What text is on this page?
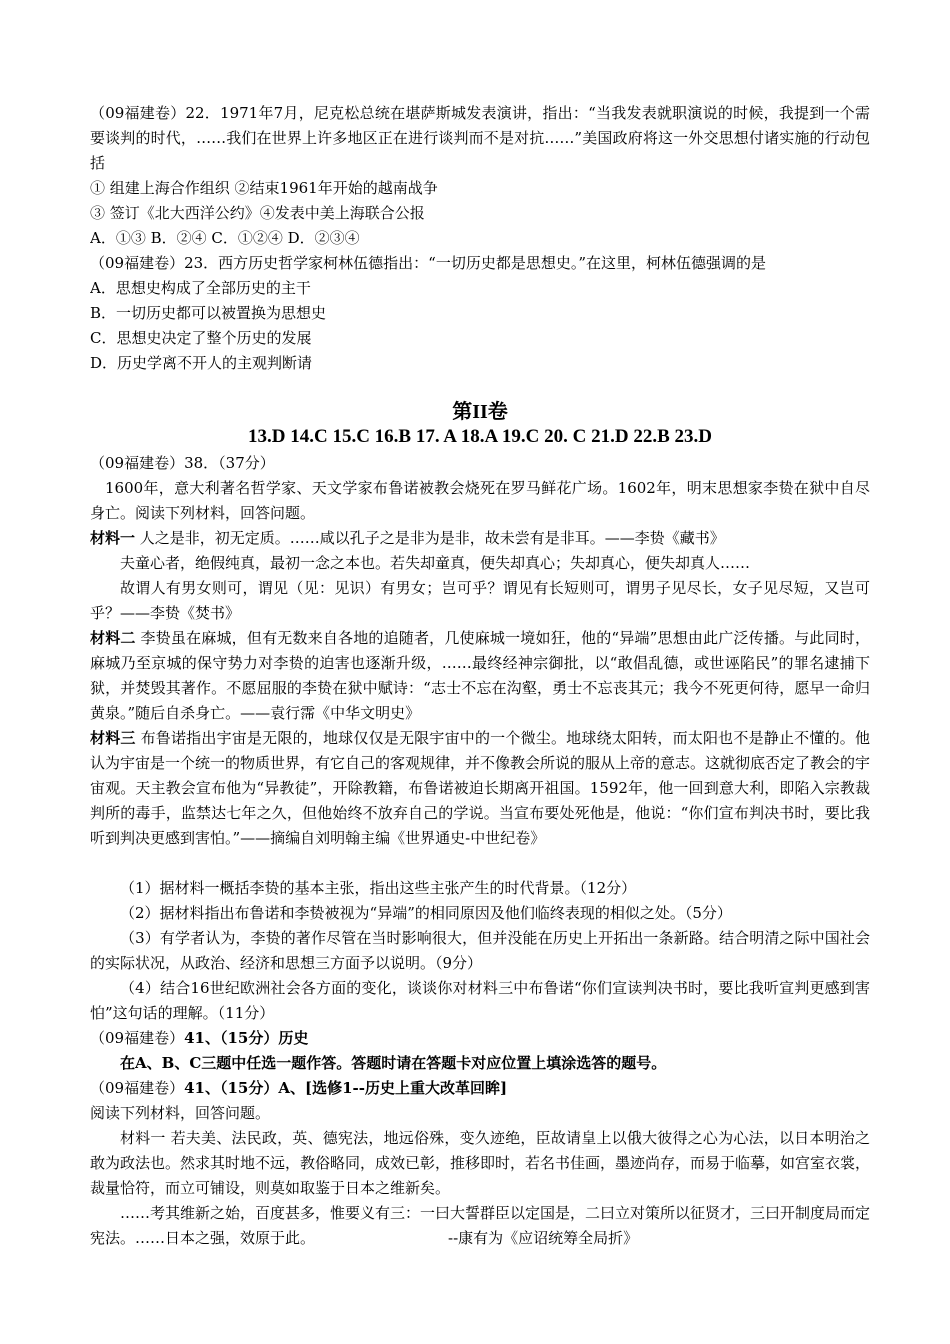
（09福建卷）22．1971年7月，尼克松总统在堪萨斯城发表演讲，指出：“当我发表就职演说的时候，我提到一个需要谈判的时代，……我们在世界上许多地区正在进行谈判而不是对抗……”美国政府将这一外交思想付诸实施的行动包括
① 组建上海合作组织 ②结束1961年开始的越南战争
③ 签订《北大西洋公约》④发表中美上海联合公报
A．①③ B．②④ C．①②④ D．②③④
（09福建卷）23．西方历史哲学家柯林伍德指出：“一切历史都是思想史。”在这里，柯林伍德强调的是
A．思想史构成了全部历史的主干
B．一切历史都可以被置换为思想史
C．思想史决定了整个历史的发展
D．历史学离不开人的主观判断请
第II卷
13.D 14.C 15.C 16.B 17. A 18.A 19.C 20. C 21.D 22.B 23.D
（09福建卷）38．（37分）
1600年，意大利著名哲学家、天文学家布鲁诺被教会烧死在罗马鲜花广场。1602年，明末思想家李贽在狱中自尽身亡。阅读下列材料，回答问题。
材料一 人之是非，初无定质。……咸以孔子之是非为是非，故未尝有是非耳。——李贽《藏书》
夫童心者，绝假纯真，最初一念之本也。若失却童真，便失却真心；失却真心，便失却真人……
故谓人有男女则可，谓见（见：见识）有男女；岂可乎？谓见有长短则可，谓男子见尽长，女子见尽短，又岂可乎？——李贽《焚书》
材料二 李贽虽在麻城，但有无数来自各地的追随者，几使麻城一境如狂，他的“异端”思想由此广泛传播。与此同时，麻城乃至京城的保守势力对李贽的迫害也逐渐升级，……最终经神宗御批，以“敢倡乱德，或世诬陷民”的罪名逮捕下狱，并焚毁其著作。不愿屈服的李贽在狱中赋诗：“志士不忘在沟壑，勇士不忘丧其元；我今不死更何待，愿早一命归黄泉。”随后自杀身亡。——袁行霈《中华文明史》
材料三 布鲁诺指出宇宙是无限的，地球仅仅是无限宇宙中的一个微尘。地球绕太阳转，而太阳也不是静止不懂的。他认为宇宙是一个统一的物质世界，有它自己的客观规律，并不像教会所说的服从上帝的意志。这就彻底否定了教会的宇宙观。天主教会宣布他为“异教徒”，开除教籍，布鲁诺被迫长期离开祖国。1592年，他一回到意大利，即陷入宗教裁判所的毒手，监禁达七年之久，但他始终不放弃自己的学说。当宣布要处死他是，他说：“你们宣布判决书时，要比我听到判决更感到害怕。”——摘编自刘明翰主编《世界通史-中世纪卷》
（1）据材料一概括李贽的基本主张，指出这些主张产生的时代背景。（12分）
（2）据材料指出布鲁诺和李贽被视为“异端”的相同原因及他们临终表现的相似之处。（5分）
（3）有学者认为，李贽的著作尽管在当时影响很大，但并没能在历史上开拓出一条新路。结合明清之际中国社会的实际状况，从政治、经济和思想三方面予以说明。（9分）
（4）结合16世纪欧洲社会各方面的变化，谈谈你对材料三中布鲁诺“你们宣读判决书时，要比我听宣判更感到害怕”这句话的理解。（11分）
（09福建卷）41、（15分）历史
在A、B、C三题中任选一题作答。答题时请在答题卡对应位置上填涂选答的题号。
（09福建卷）41、（15分）A、[选修1--历史上重大改革回眸]
阅读下列材料，回答问题。
材料一 若夫美、法民政，英、德宪法，地远俗殊，变久迹绝，臣故请皇上以俄大彼得之心为心法，以日本明治之敢为政法也。然求其时地不远，教俗略同，成效已彰，推移即时，若名书佳画，墨迹尚存，而易于临摹，如宫室衣裳，裁量恰符，而立可铺设，则莫如取鉴于日本之维新矣。
……考其维新之始，百度甚多，惟要义有三：一曰大誓群臣以定国是，二曰立对策所以征贤才，三曰开制度局而定宪法。……日本之强，效原于此。	--康有为《应诏统筹全局折》
